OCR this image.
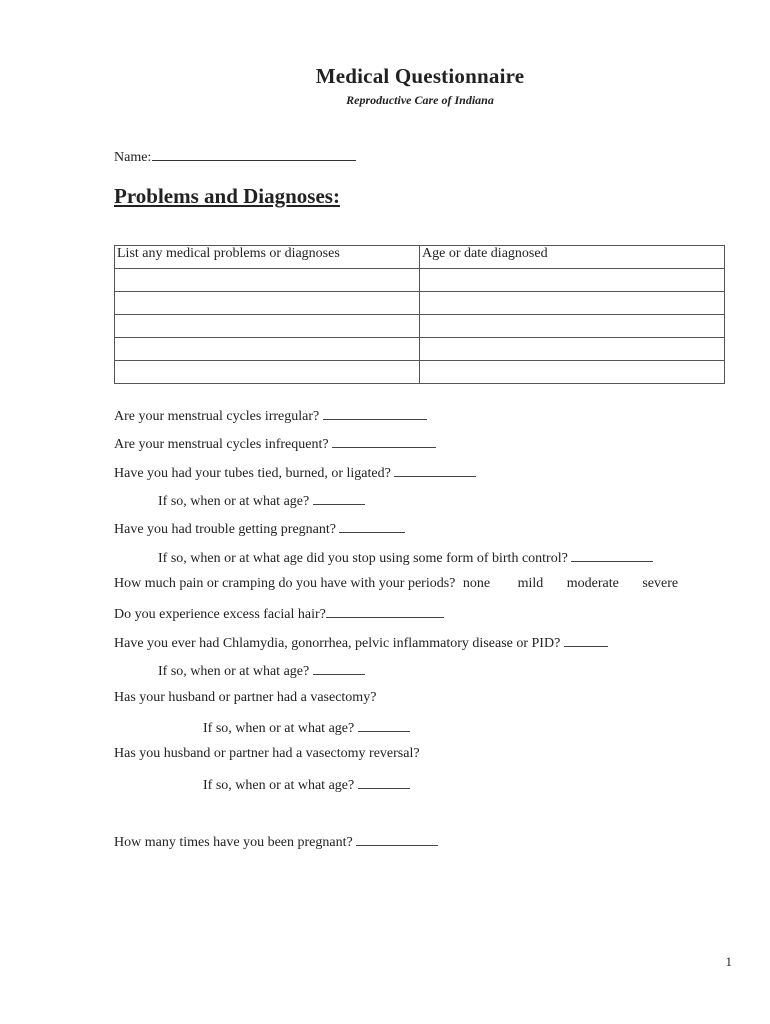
Medical Questionnaire
Reproductive Care of Indiana
Name:
Problems and Diagnoses:
List any medical problems or diagnoses	Age or date diagnosed

Are your menstrual cycles irregular?
Are your menstrual cycles infrequent?
Have you had your tubes tied, burned, or ligated?
If so, when or at what age?
Have you had trouble getting pregnant?
If so, when or at what age did you stop using some form of birth control?
How much pain or cramping do you have with your periods? none mild moderate severe
Do you experience excess facial hair?
Have you ever had Chlamydia, gonorrhea, pelvic inflammatory disease or PID?
If so, when or at what age?
Has your husband or partner had a vasectomy?
If so, when or at what age?
Has you husband or partner had a vasectomy reversal?
If so, when or at what age?
How many times have you been pregnant?
1
